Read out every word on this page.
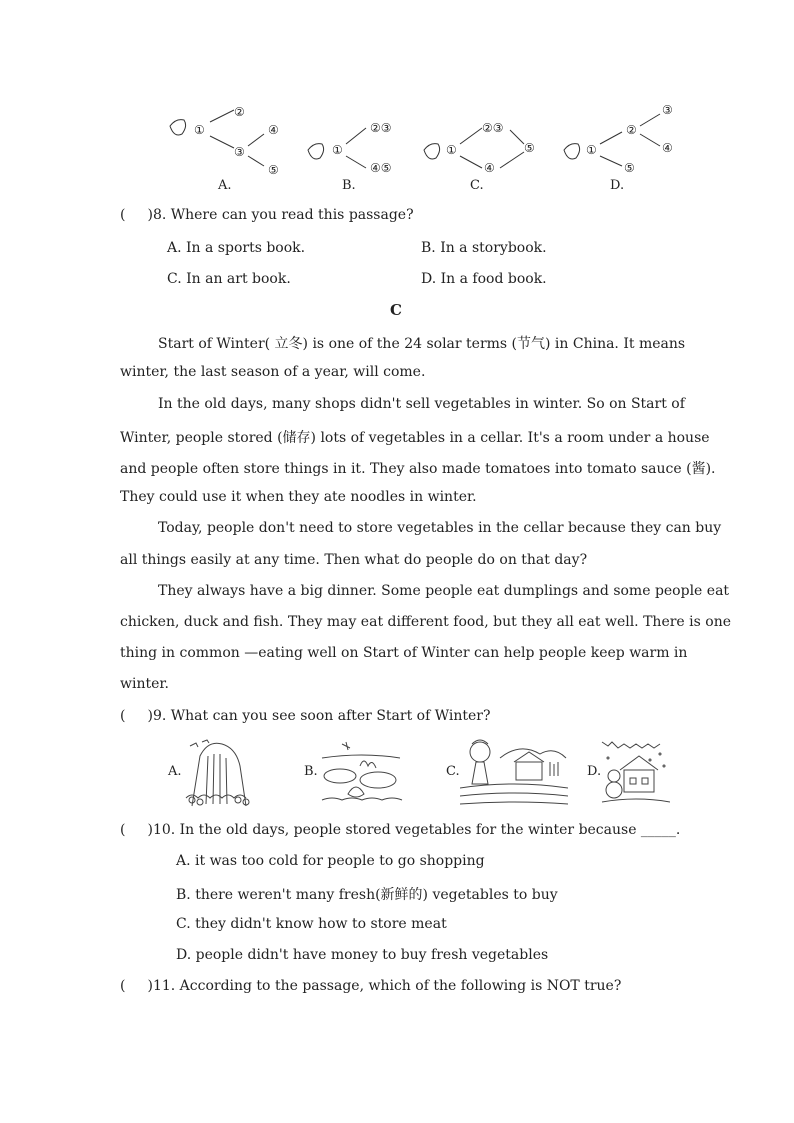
①
②
③
④
⑤
A.
①
②③
④⑤
B.
①
②③
④
⑤
C.
①
②
⑤
③
④
D.
( )8. Where can you read this passage?
A. In a sports book.	B. In a storybook.
C. In an art book.	D. In a food book.
C
Start of Winter( 立冬) is one of the 24 solar terms (节气) in China. It means
winter, the last season of a year, will come.
In the old days, many shops didn't sell vegetables in winter. So on Start of
Winter, people stored (储存) lots of vegetables in a cellar. It's a room under a house
and people often store things in it. They also made tomatoes into tomato sauce (酱).
They could use it when they ate noodles in winter.
Today, people don't need to store vegetables in the cellar because they can buy
all things easily at any time. Then what do people do on that day?
They always have a big dinner. Some people eat dumplings and some people eat
chicken, duck and fish. They may eat different food, but they all eat well. There is one
thing in common —eating well on Start of Winter can help people keep warm in
winter.
( )9. What can you see soon after Start of Winter?
A.	B.	C.	D.
( )10. In the old days, people stored vegetables for the winter because _____.
A. it was too cold for people to go shopping
B. there weren't many fresh(新鲜的) vegetables to buy
C. they didn't know how to store meat
D. people didn't have money to buy fresh vegetables
( )11. According to the passage, which of the following is NOT true?
